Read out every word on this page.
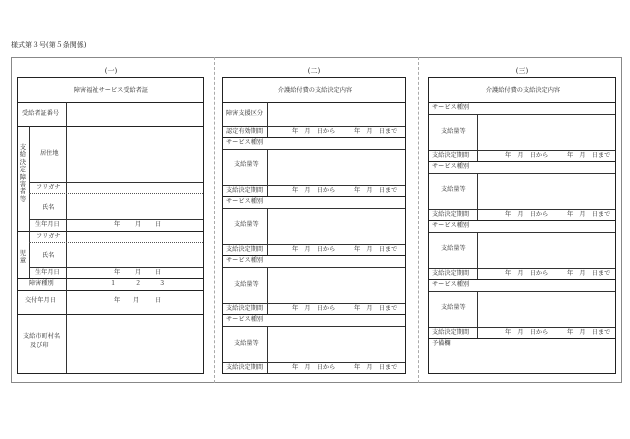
様式第３号(第５条関係)
(一)	(二)	(三)
障害福祉サービス受給者証
受給者証番号
支
給
決
定
障
害
者
等
居住地
フリガナ
氏名
生年月日	年 月 日
児
童
フリガナ
氏名
生年月日	年 月 日
障害種別	１	２	３
交付年月日	年 月	日
支給市町村名
及び印
介護給付費の支給決定内容
障害支援区分
認定有効期間	年　月　日から	年　月　日まで
サービス種別
支給量等
支給決定期間	年　月　日から	年　月　日まで
サービス種別
支給量等
支給決定期間	年　月　日から	年　月　日まで
サービス種別
支給量等
支給決定期間	年　月　日から	年　月　日まで
サービス種別
支給量等
支給決定期間	年　月　日から	年　月　日まで
介護給付費の支給決定内容
サービス種別
支給量等
支給決定期間	年　月　日から	年　月　日まで
サービス種別
支給量等
支給決定期間	年　月　日から	年　月　日まで
サービス種別
支給量等
支給決定期間	年　月　日から	年　月　日まで
サービス種別
支給量等
支給決定期間	年　月　日から	年　月　日まで
予備欄
